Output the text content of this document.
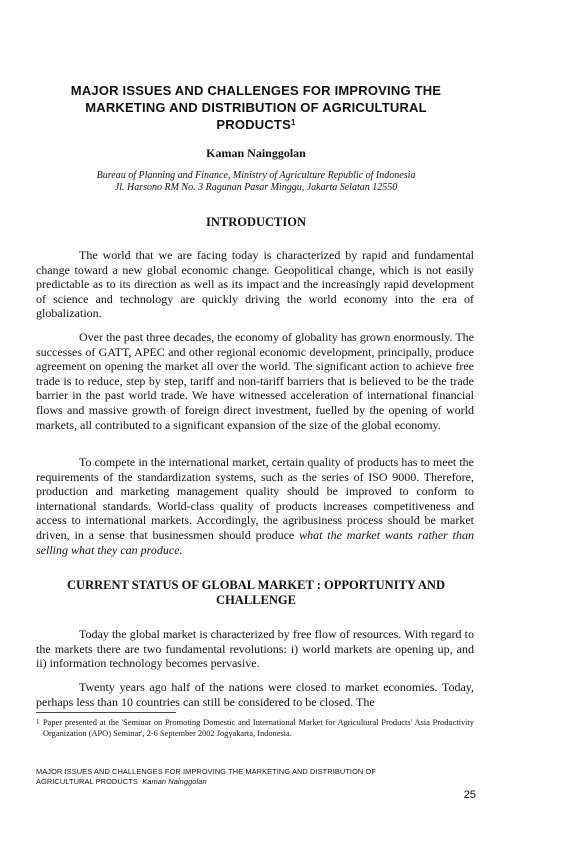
MAJOR ISSUES AND CHALLENGES FOR IMPROVING THE
MARKETING AND DISTRIBUTION OF AGRICULTURAL
PRODUCTS$^1$
Kaman Nainggolan
Bureau of Planning and Finance, Ministry of Agriculture Republic of Indonesia
Jl. Harsono RM No. 3 Ragunan Pasar Minggu, Jakarta Selatan 12550
INTRODUCTION

The world that we are facing today is characterized by rapid and fundamental change toward a new global economic change. Geopolitical change, which is not easily predictable as to its direction as well as its impact and the increasingly rapid development of science and technology are quickly driving the world economy into the era of globalization.

Over the past three decades, the economy of globality has grown enormously. The successes of GATT, APEC and other regional economic development, principally, produce agreement on opening the market all over the world. The significant action to achieve free trade is to reduce, step by step, tariff and non-tariff barriers that is believed to be the trade barrier in the past world trade. We have witnessed acceleration of international financial flows and massive growth of foreign direct investment, fuelled by the opening of world markets, all contributed to a significant expansion of the size of the global economy.

To compete in the international market, certain quality of products has to meet the requirements of the standardization systems, such as the series of ISO 9000. Therefore, production and marketing management quality should be improved to conform to international standards. World-class quality of products increases competitiveness and access to international markets. Accordingly, the agribusiness process should be market driven, in a sense that businessmen should produce what the market wants rather than selling what they can produce.

CURRENT STATUS OF GLOBAL MARKET : OPPORTUNITY AND
CHALLENGE

Today the global market is characterized by free flow of resources. With regard to the markets there are two fundamental revolutions: i) world markets are opening up, and ii) information technology becomes pervasive.

Twenty years ago half of the nations were closed to market economies. Today, perhaps less than 10 countries can still be considered to be closed. The

1 Paper presented at the 'Seminar on Promoting Domestic and International Market for Agricultural Products' Asia Productivity Organization (APO) Seminar', 2-6 September 2002 Jogyakarta, Indonesia.
MAJOR ISSUES AND CHALLENGES FOR IMPROVING THE MARKETING AND DISTRIBUTION OF
AGRICULTURAL PRODUCTS Kaman Nainggolan
25
